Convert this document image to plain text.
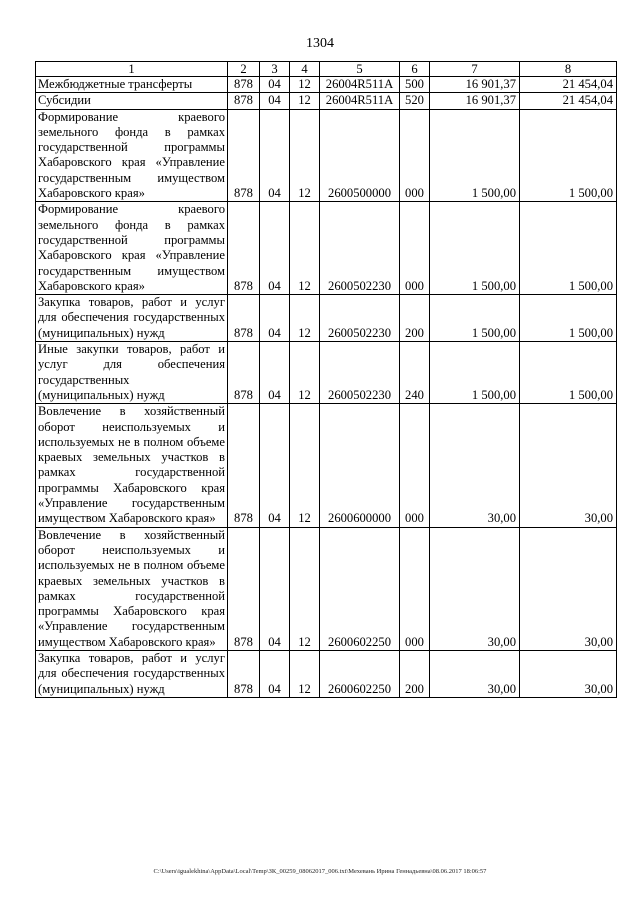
1304
1	2	3	4	5	6	7	8
Межбюджетные трансферты	878	04	12	26004R511A	500	16 901,37	21 454,04
Субсидии	878	04	12	26004R511A	520	16 901,37	21 454,04
Формирование краевого земельного фонда в рамках государственной программы Хабаровского края «Управление государственным имуществом Хабаровского края»	878	04	12	2600500000	000	1 500,00	1 500,00
Формирование краевого земельного фонда в рамках государственной программы Хабаровского края «Управление государственным имуществом Хабаровского края»	878	04	12	2600502230	000	1 500,00	1 500,00
Закупка товаров, работ и услуг для обеспечения государственных (муниципальных) нужд	878	04	12	2600502230	200	1 500,00	1 500,00
Иные закупки товаров, работ и услуг для обеспечения государственных (муниципальных) нужд	878	04	12	2600502230	240	1 500,00	1 500,00
Вовлечение в хозяйственный оборот неиспользуемых и используемых не в полном объеме краевых земельных участков в рамках государственной программы Хабаровского края «Управление государственным имуществом Хабаровского края»	878	04	12	2600600000	000	30,00	30,00
Вовлечение в хозяйственный оборот неиспользуемых и используемых не в полном объеме краевых земельных участков в рамках государственной программы Хабаровского края «Управление государственным имуществом Хабаровского края»	878	04	12	2600602250	000	30,00	30,00
Закупка товаров, работ и услуг для обеспечения государственных (муниципальных) нужд	878	04	12	2600602250	200	30,00	30,00
C:\Users\igualekhina\AppData\Local\Temp\ЗК_00259_08062017_006.txt\Мехевань Ирина Геннадьевна\08.06.2017 18:06:57
